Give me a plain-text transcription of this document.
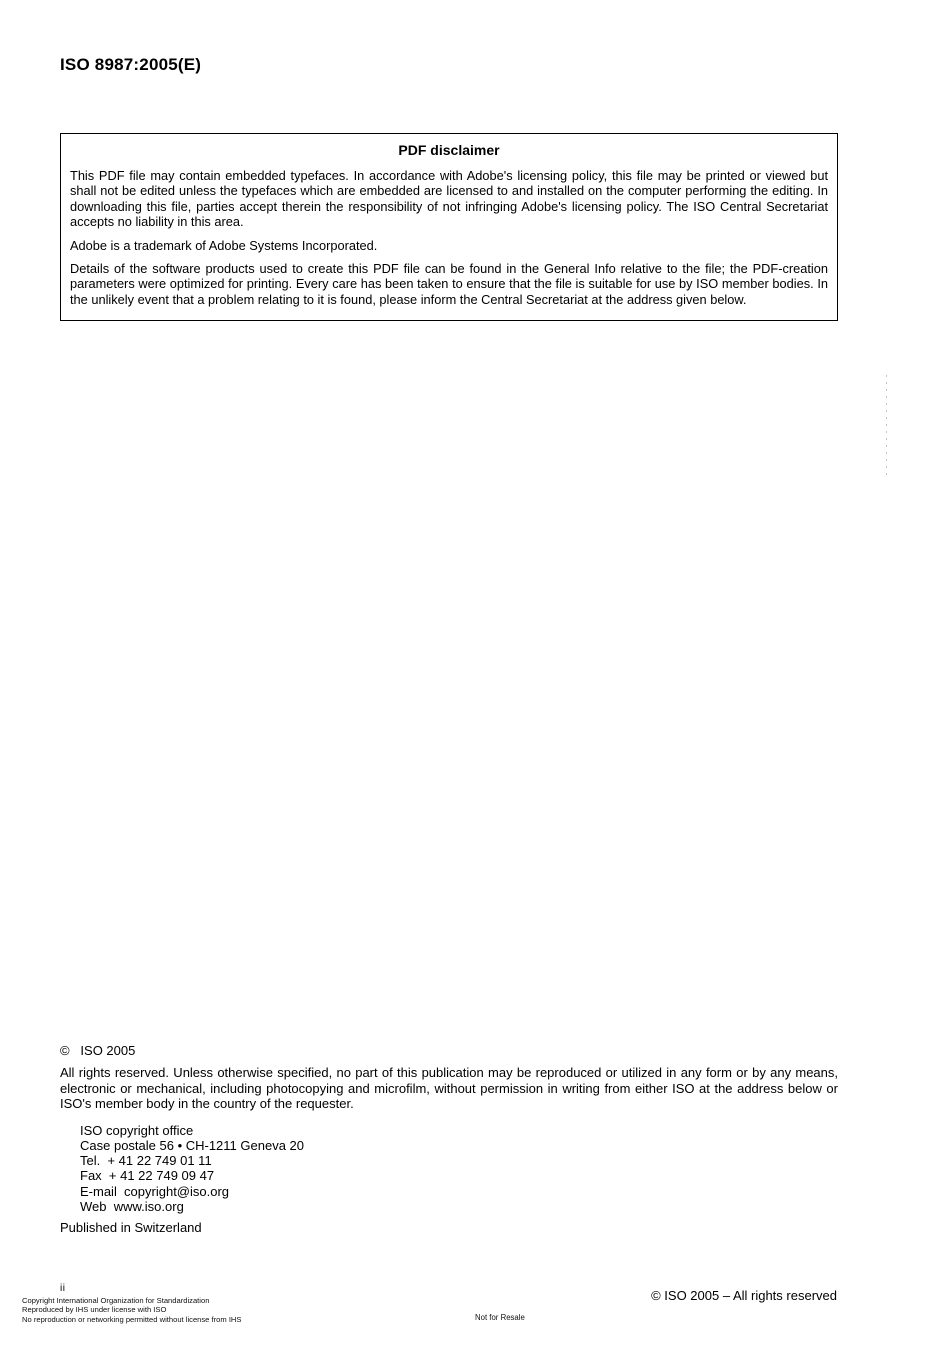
ISO 8987:2005(E)
PDF disclaimer

This PDF file may contain embedded typefaces. In accordance with Adobe's licensing policy, this file may be printed or viewed but shall not be edited unless the typefaces which are embedded are licensed to and installed on the computer performing the editing. In downloading this file, parties accept therein the responsibility of not infringing Adobe's licensing policy. The ISO Central Secretariat accepts no liability in this area.

Adobe is a trademark of Adobe Systems Incorporated.

Details of the software products used to create this PDF file can be found in the General Info relative to the file; the PDF-creation parameters were optimized for printing. Every care has been taken to ensure that the file is suitable for use by ISO member bodies. In the unlikely event that a problem relating to it is found, please inform the Central Secretariat at the address given below.

©   ISO 2005

All rights reserved. Unless otherwise specified, no part of this publication may be reproduced or utilized in any form or by any means, electronic or mechanical, including photocopying and microfilm, without permission in writing from either ISO at the address below or ISO's member body in the country of the requester.

ISO copyright office
Case postale 56 • CH-1211 Geneva 20
Tel.  + 41 22 749 01 11
Fax  + 41 22 749 09 47
E-mail  copyright@iso.org
Web  www.iso.org
Published in Switzerland
ii
Copyright International Organization for Standardization
Reproduced by IHS under license with ISO
No reproduction or networking permitted without license from IHS	Not for Resale
© ISO 2005 – All rights reserved
